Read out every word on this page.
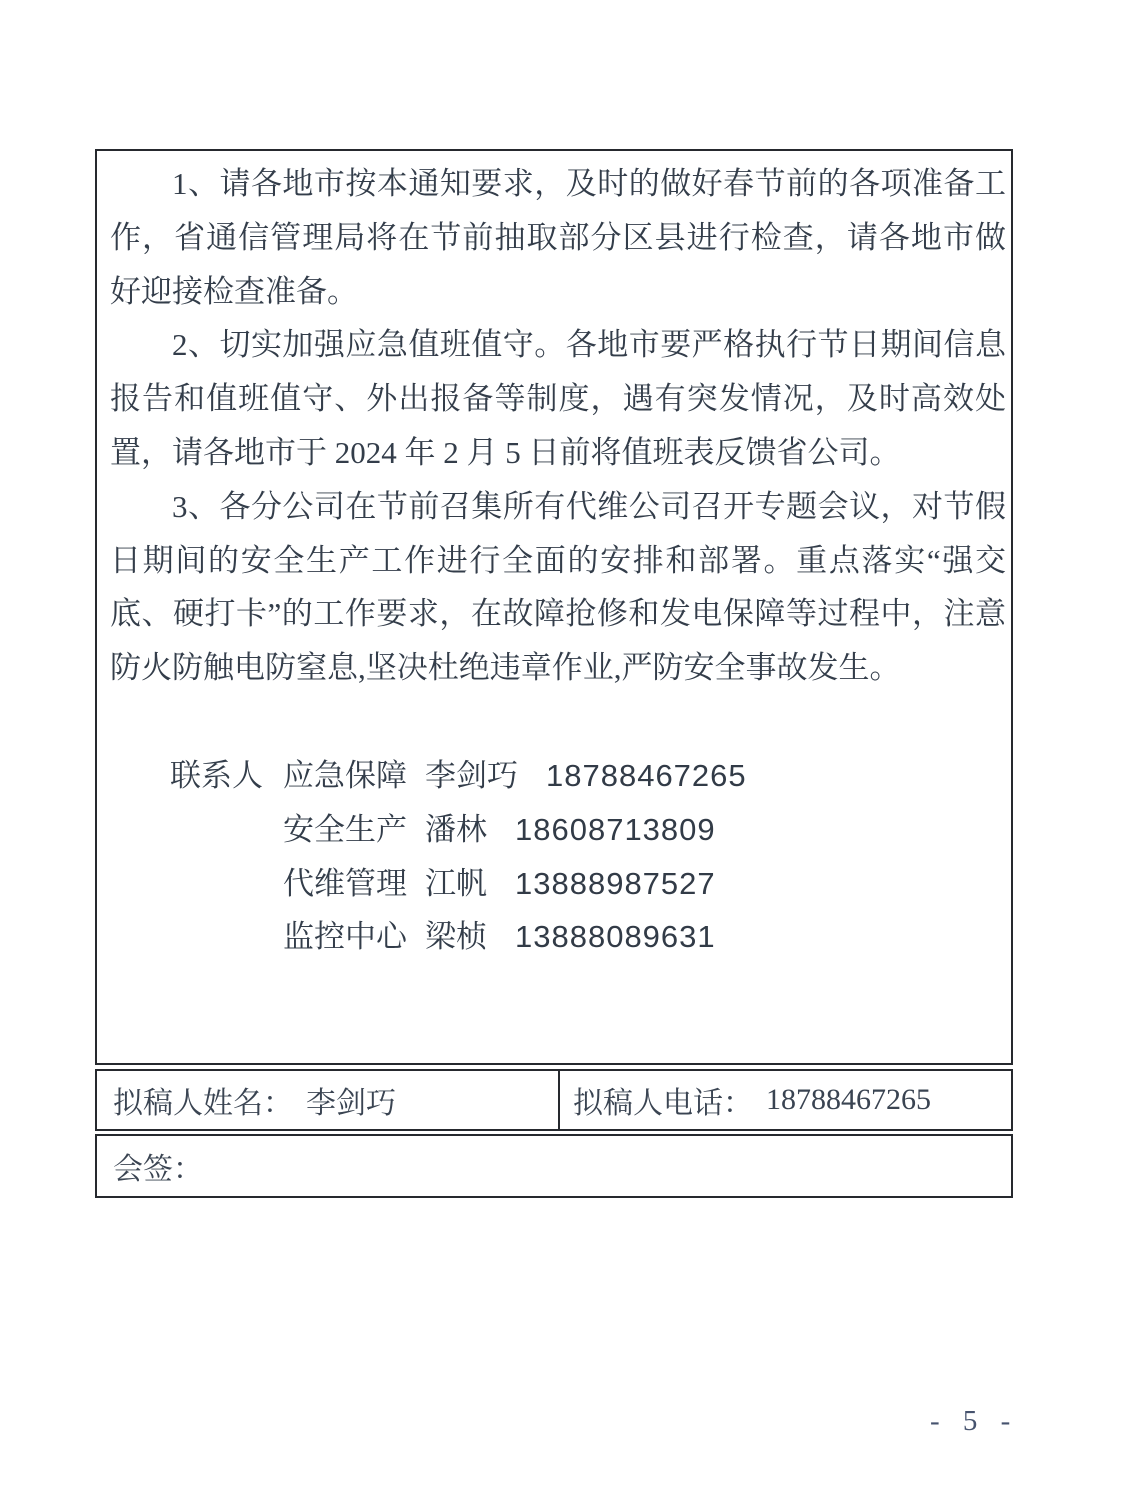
1、请各地市按本通知要求，及时的做好春节前的各项准备工作，省通信管理局将在节前抽取部分区县进行检查，请各地市做好迎接检查准备。

2、切实加强应急值班值守。各地市要严格执行节日期间信息报告和值班值守、外出报备等制度，遇有突发情况，及时高效处置，请各地市于 2024 年 2 月 5 日前将值班表反馈省公司。

3、各分公司在节前召集所有代维公司召开专题会议，对节假日期间的安全生产工作进行全面的安排和部署。重点落实“强交底、硬打卡”的工作要求，在故障抢修和发电保障等过程中，注意防火防触电防窒息,坚决杜绝违章作业,严防安全事故发生。

联系人 应急保障 李剑巧 18788467265
安全生产 潘林 18608713809
代维管理 江帆 13888987527
监控中心 梁桢 13888089631
拟稿人姓名： 李剑巧	拟稿人电话： 18788467265
会签：
- 5 -
